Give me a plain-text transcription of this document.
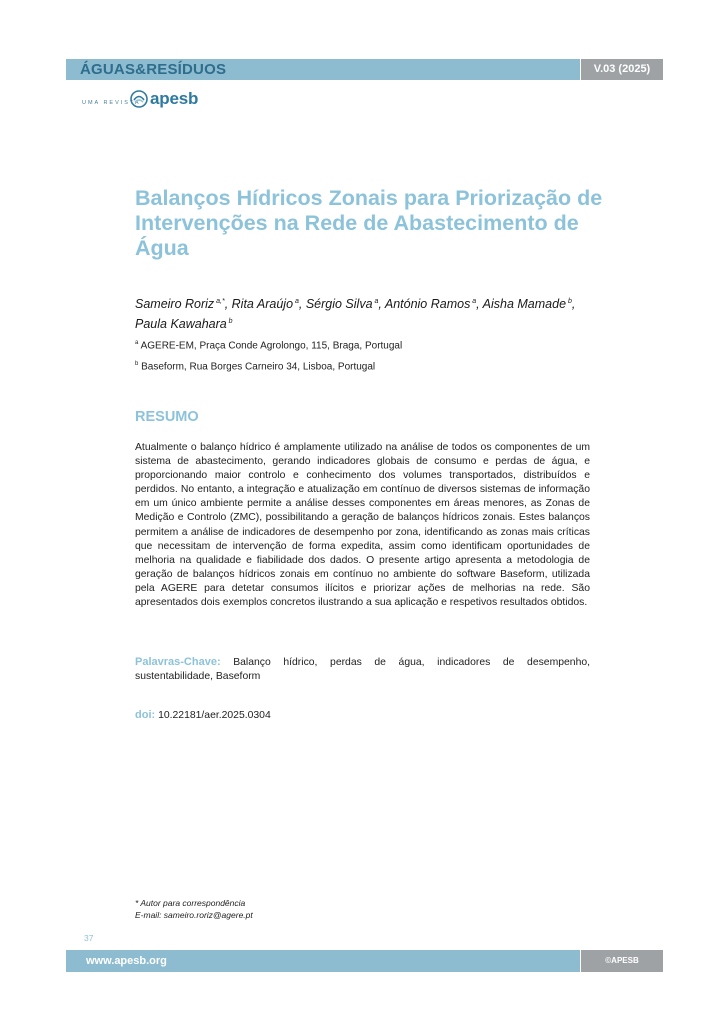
ÁGUAS&RESÍDUOS	V.03 (2025)
UMA REVISTA apesb
Balanços Hídricos Zonais para Priorização de Intervenções na Rede de Abastecimento de Água
Sameiro Roriz $^{a,*}$, Rita Araújo $^a$, Sérgio Silva $^a$, António Ramos $^a$, Aisha Mamade $^b$, Paula Kawahara $^b$
$^a$ AGERE-EM, Praça Conde Agrolongo, 115, Braga, Portugal
$^b$ Baseform, Rua Borges Carneiro 34, Lisboa, Portugal
RESUMO
Atualmente o balanço hídrico é amplamente utilizado na análise de todos os componentes de um sistema de abastecimento, gerando indicadores globais de consumo e perdas de água, e proporcionando maior controlo e conhecimento dos volumes transportados, distribuídos e perdidos. No entanto, a integração e atualização em contínuo de diversos sistemas de informação em um único ambiente permite a análise desses componentes em áreas menores, as Zonas de Medição e Controlo (ZMC), possibilitando a geração de balanços hídricos zonais. Estes balanços permitem a análise de indicadores de desempenho por zona, identificando as zonas mais críticas que necessitam de intervenção de forma expedita, assim como identificam oportunidades de melhoria na qualidade e fiabilidade dos dados. O presente artigo apresenta a metodologia de geração de balanços hídricos zonais em contínuo no ambiente do software Baseform, utilizada pela AGERE para detetar consumos ilícitos e priorizar ações de melhorias na rede. São apresentados dois exemplos concretos ilustrando a sua aplicação e respetivos resultados obtidos.
Palavras-Chave: Balanço hídrico, perdas de água, indicadores de desempenho, sustentabilidade, Baseform
doi: 10.22181/aer.2025.0304
* Autor para correspondência
E-mail: sameiro.roriz@agere.pt
37
www.apesb.org	©APESB
